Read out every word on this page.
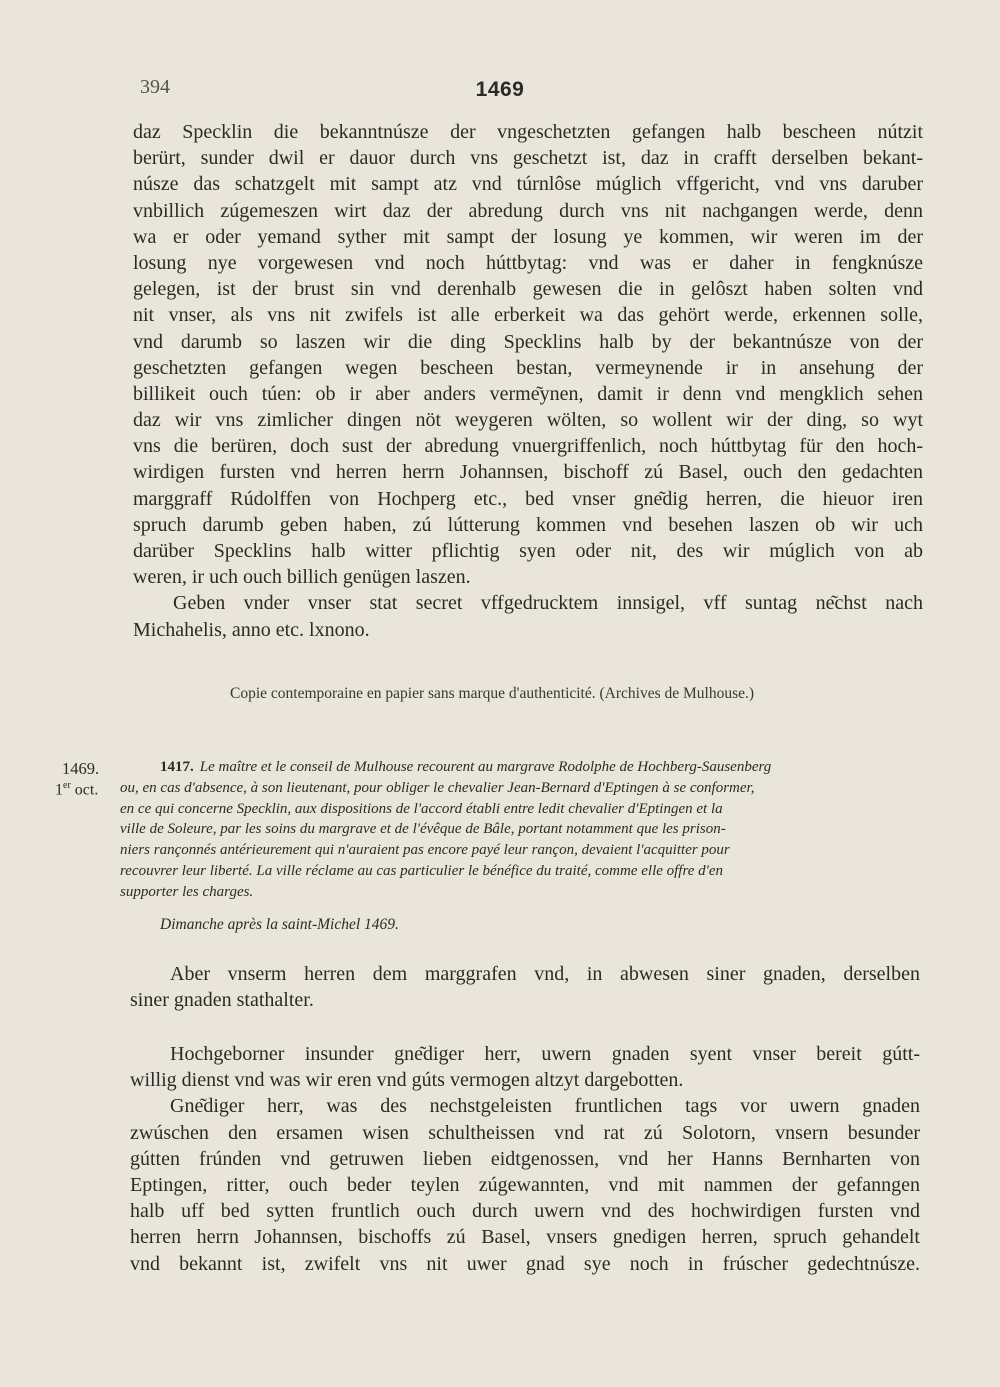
394	1469
daz Specklin die bekanntnúsze der vngeschetzten gefangen halb bescheen nútzit
berürt, sunder dwil er dauor durch vns geschetzt ist, daz in crafft derselben bekant-
núsze das schatzgelt mit sampt atz vnd túrnlôse múglich vffgericht, vnd vns daruber
vnbillich zúgemeszen wirt daz der abredung durch vns nit nachgangen werde, denn
wa er oder yemand syther mit sampt der losung ye kommen, wir weren im der
losung nye vorgewesen vnd noch húttbytag: vnd was er daher in fengknúsze
gelegen, ist der brust sin vnd derenhalb gewesen die in gelôszt haben solten vnd
nit vnser, als vns nit zwifels ist alle erberkeit wa das gehört werde, erkennen solle,
vnd darumb so laszen wir die ding Specklins halb by der bekantnúsze von der
geschetzten gefangen wegen bescheen bestan, vermeynende ir in ansehung der
billikeit ouch túen: ob ir aber anders verme͂ynen, damit ir denn vnd mengklich sehen
daz wir vns zimlicher dingen nöt weygeren wölten, so wollent wir der ding, so wyt
vns die berüren, doch sust der abredung vnuergriffenlich, noch húttbytag für den hoch-
wirdigen fursten vnd herren herrn Johannsen, bischoff zú Basel, ouch den gedachten
marggraff Rúdolffen von Hochperg etc., bed vnser gne͂dig herren, die hieuor iren
spruch darumb geben haben, zú lútterung kommen vnd besehen laszen ob wir uch
darüber Specklins halb witter pflichtig syen oder nit, des wir múglich von ab
weren, ir uch ouch billich genügen laszen.
Geben vnder vnser stat secret vffgedrucktem innsigel, vff suntag ne͂chst nach
Michahelis, anno etc. lxnono.
Copie contemporaine en papier sans marque d'authenticité. (Archives de Mulhouse.)
1469.
1er oct.
1417. Le maître et le conseil de Mulhouse recourent au margrave Rodolphe de Hochberg-Sausenberg
ou, en cas d'absence, à son lieutenant, pour obliger le chevalier Jean-Bernard d'Eptingen à se conformer,
en ce qui concerne Specklin, aux dispositions de l'accord établi entre ledit chevalier d'Eptingen et la
ville de Soleure, par les soins du margrave et de l'évêque de Bâle, portant notamment que les prison-
niers rançonnés antérieurement qui n'auraient pas encore payé leur rançon, devaient l'acquitter pour
recouvrer leur liberté. La ville réclame au cas particulier le bénéfice du traité, comme elle offre d'en
supporter les charges.
Dimanche après la saint-Michel 1469.
Aber vnserm herren dem marggrafen vnd, in abwesen siner gnaden, derselben
siner gnaden stathalter.
Hochgeborner insunder gne͂diger herr, uwern gnaden syent vnser bereit gútt-
willig dienst vnd was wir eren vnd gúts vermogen altzyt dargebotten.
Gne͂diger herr, was des nechstgeleisten fruntlichen tags vor uwern gnaden
zwúschen den ersamen wisen schultheissen vnd rat zú Solotorn, vnsern besunder
gútten frúnden vnd getruwen lieben eidtgenossen, vnd her Hanns Bernharten von
Eptingen, ritter, ouch beder teylen zúgewannten, vnd mit nammen der gefanngen
halb uff bed sytten fruntlich ouch durch uwern vnd des hochwirdigen fursten vnd
herren herrn Johannsen, bischoffs zú Basel, vnsers gnedigen herren, spruch gehandelt
vnd bekannt ist, zwifelt vns nit uwer gnad sye noch in frúscher gedechtnúsze.
